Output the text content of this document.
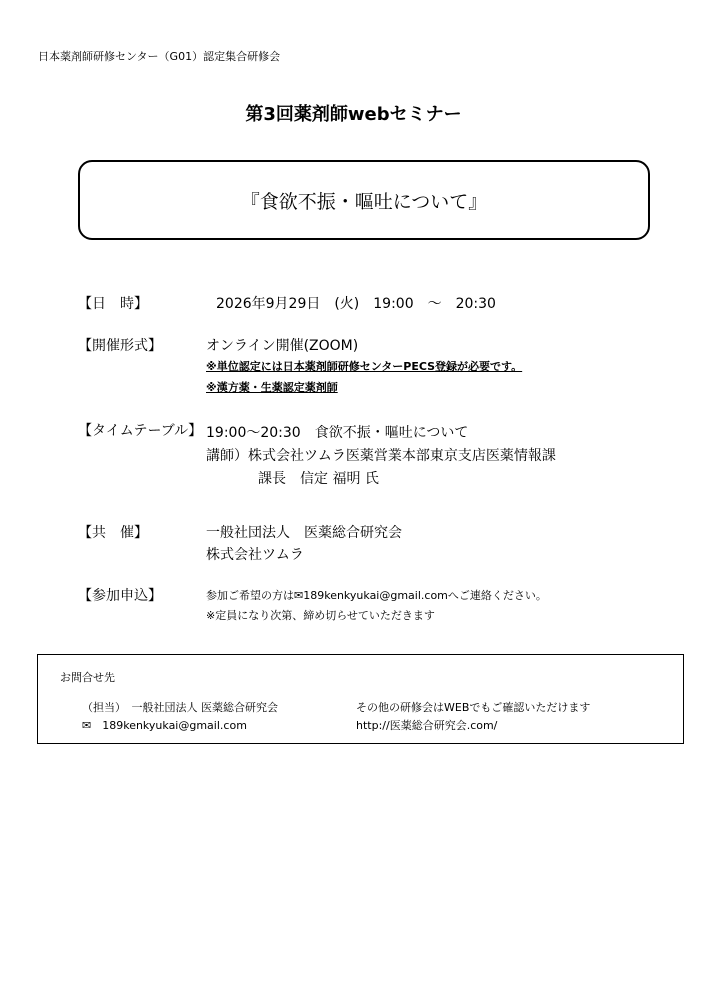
日本薬剤師研修センター（G01）認定集合研修会
第3回薬剤師webセミナー
『食欲不振・嘔吐について』
【日　時】	2026年9月29日　(火)　19:00　～　20:30
【開催形式】	オンライン開催(ZOOM)
※単位認定には日本薬剤師研修センターPECS登録が必要です。
※漢方薬・生薬認定薬剤師
【タイムテーブル】 19:00～20:30　食欲不振・嘔吐について
講師）株式会社ツムラ医薬営業本部東京支店医薬情報課
課長　信定 福明 氏
【共　催】	一般社団法人　医薬総合研究会
株式会社ツムラ
【参加申込】	参加ご希望の方は✉189kenkyukai@gmail.comへご連絡ください。
※定員になり次第、締め切らせていただきます
お問合せ先
（担当）　一般社団法人 医薬総合研究会
✉　189kenkyukai@gmail.com
その他の研修会はWEBでもご確認いただけます
http://医薬総合研究会.com/
